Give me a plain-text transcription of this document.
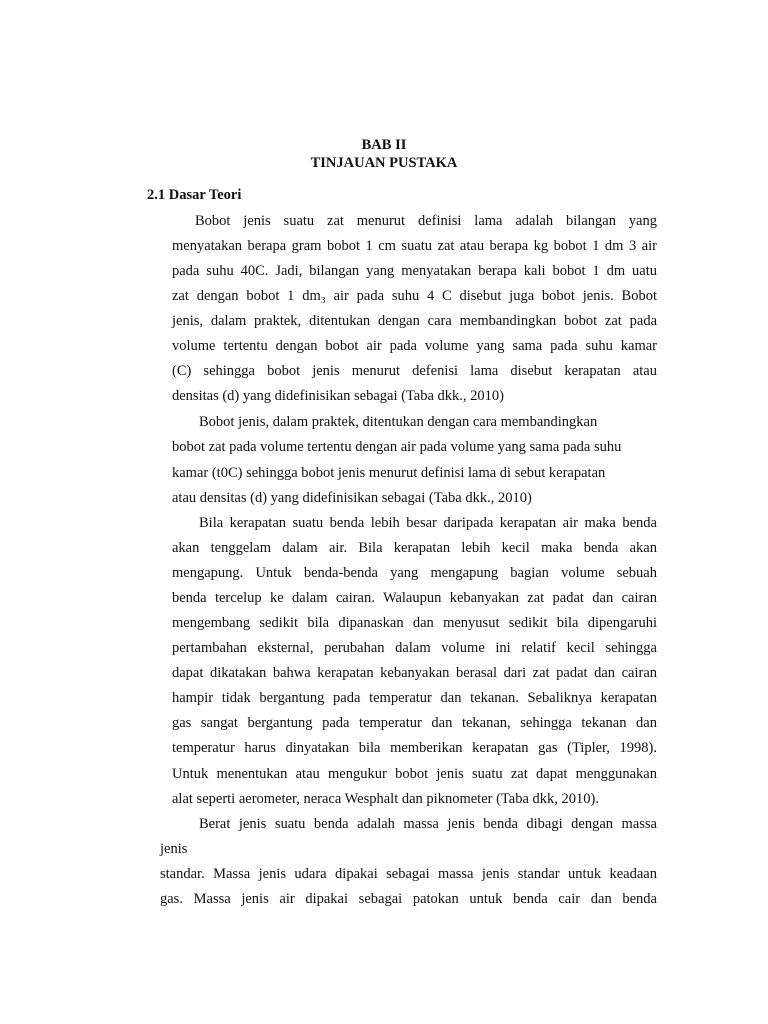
BAB II
TINJAUAN PUSTAKA
2.1 Dasar Teori
Bobot jenis suatu zat menurut definisi lama adalah bilangan yang
menyatakan berapa gram bobot 1 cm suatu zat atau berapa kg bobot 1 dm 3 air
pada suhu 40C. Jadi, bilangan yang menyatakan berapa kali bobot 1 dm uatu
zat dengan bobot 1 dm₃ air pada suhu 4 C disebut juga bobot jenis. Bobot
jenis, dalam praktek, ditentukan dengan cara membandingkan bobot zat pada
volume tertentu dengan bobot air pada volume yang sama pada suhu kamar
(C) sehingga bobot jenis menurut defenisi lama disebut kerapatan atau
densitas (d) yang didefinisikan sebagai (Taba dkk., 2010)
Bobot jenis, dalam praktek, ditentukan dengan cara membandingkan
bobot zat pada volume tertentu dengan air pada volume yang sama pada suhu
kamar (t0C) sehingga bobot jenis menurut definisi lama di sebut kerapatan
atau densitas (d) yang didefinisikan sebagai (Taba dkk., 2010)
Bila kerapatan suatu benda lebih besar daripada kerapatan air maka benda
akan tenggelam dalam air. Bila kerapatan lebih kecil maka benda akan
mengapung. Untuk benda-benda yang mengapung bagian volume sebuah
benda tercelup ke dalam cairan. Walaupun kebanyakan zat padat dan cairan
mengembang sedikit bila dipanaskan dan menyusut sedikit bila dipengaruhi
pertambahan eksternal, perubahan dalam volume ini relatif kecil sehingga
dapat dikatakan bahwa kerapatan kebanyakan berasal dari zat padat dan cairan
hampir tidak bergantung pada temperatur dan tekanan. Sebaliknya kerapatan
gas sangat bergantung pada temperatur dan tekanan, sehingga tekanan dan
temperatur harus dinyatakan bila memberikan kerapatan gas (Tipler, 1998).
Untuk menentukan atau mengukur bobot jenis suatu zat dapat menggunakan
alat seperti aerometer, neraca Wesphalt dan piknometer (Taba dkk, 2010).
Berat jenis suatu benda adalah massa jenis benda dibagi dengan massa
jenis
standar. Massa jenis udara dipakai sebagai massa jenis standar untuk keadaan
gas. Massa jenis air dipakai sebagai patokan untuk benda cair dan benda
